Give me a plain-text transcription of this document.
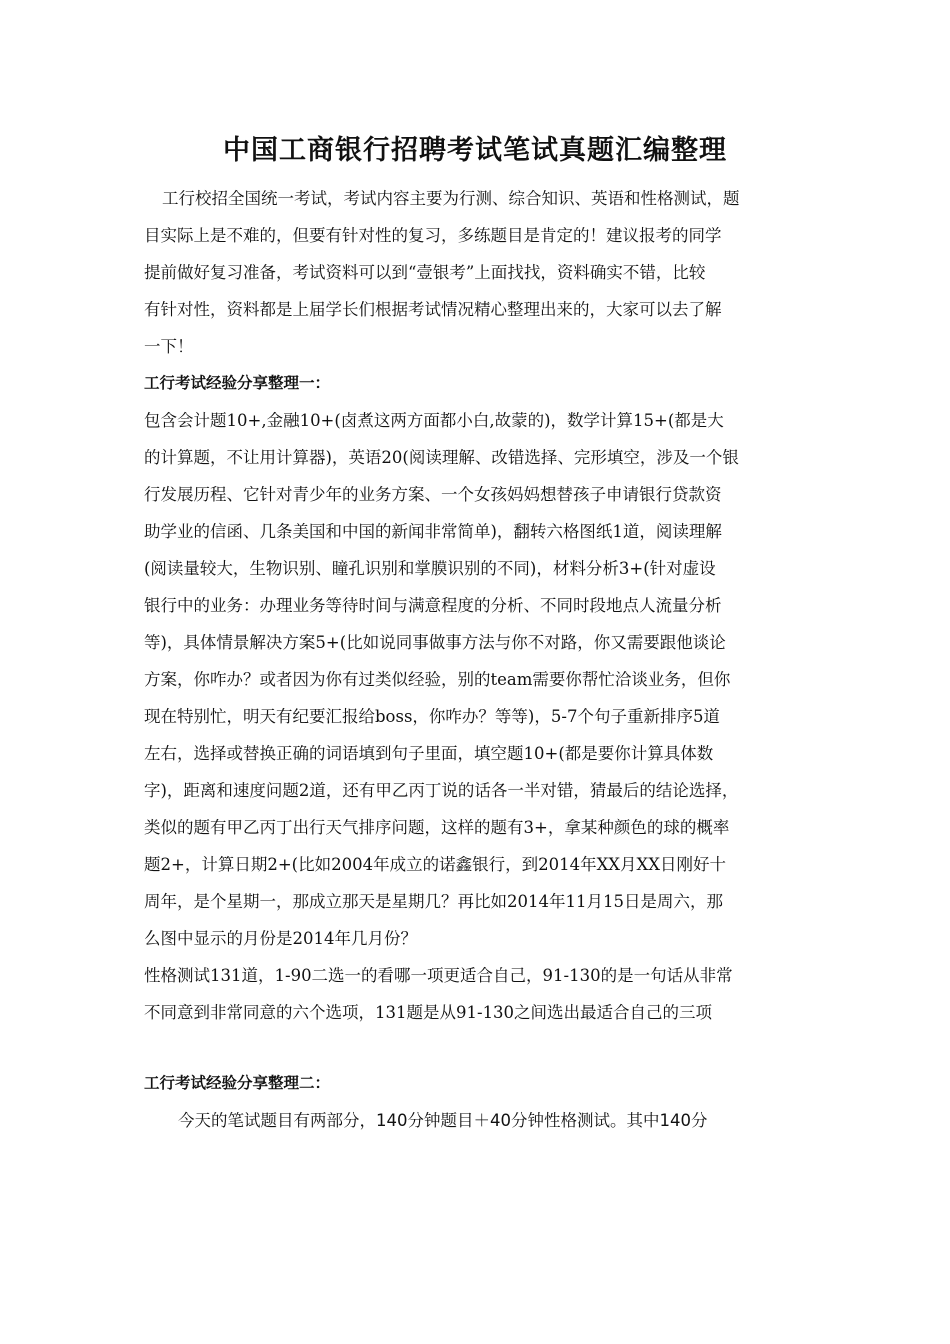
中国工商银行招聘考试笔试真题汇编整理

工行校招全国统一考试，考试内容主要为行测、综合知识、英语和性格测试，题

目实际上是不难的，但要有针对性的复习，多练题目是肯定的！建议报考的同学

提前做好复习准备，考试资料可以到“壹银考”上面找找，资料确实不错，比较

有针对性，资料都是上届学长们根据考试情况精心整理出来的，大家可以去了解

一下！

工行考试经验分享整理一：

包含会计题10+,金融10+(卤煮这两方面都小白,故蒙的)，数学计算15+(都是大

的计算题，不让用计算器)，英语20(阅读理解、改错选择、完形填空，涉及一个银

行发展历程、它针对青少年的业务方案、一个女孩妈妈想替孩子申请银行贷款资

助学业的信函、几条美国和中国的新闻非常简单)，翻转六格图纸1道，阅读理解

(阅读量较大，生物识别、瞳孔识别和掌膜识别的不同)，材料分析3+(针对虚设

银行中的业务：办理业务等待时间与满意程度的分析、不同时段地点人流量分析

等)，具体情景解决方案5+(比如说同事做事方法与你不对路，你又需要跟他谈论

方案，你咋办？或者因为你有过类似经验，别的team需要你帮忙洽谈业务，但你

现在特别忙，明天有纪要汇报给boss，你咋办？等等)，5-7个句子重新排序5道

左右，选择或替换正确的词语填到句子里面，填空题10+(都是要你计算具体数

字)，距离和速度问题2道，还有甲乙丙丁说的话各一半对错，猜最后的结论选择，

类似的题有甲乙丙丁出行天气排序问题，这样的题有3+，拿某种颜色的球的概率

题2+，计算日期2+(比如2004年成立的诺鑫银行，到2014年XX月XX日刚好十

周年，是个星期一，那成立那天是星期几？再比如2014年11月15日是周六，那

么图中显示的月份是2014年几月份？

性格测试131道，1-90二选一的看哪一项更适合自己，91-130的是一句话从非常

不同意到非常同意的六个选项，131题是从91-130之间选出最适合自己的三项

工行考试经验分享整理二：

今天的笔试题目有两部分，140分钟题目＋40分钟性格测试。其中140分
